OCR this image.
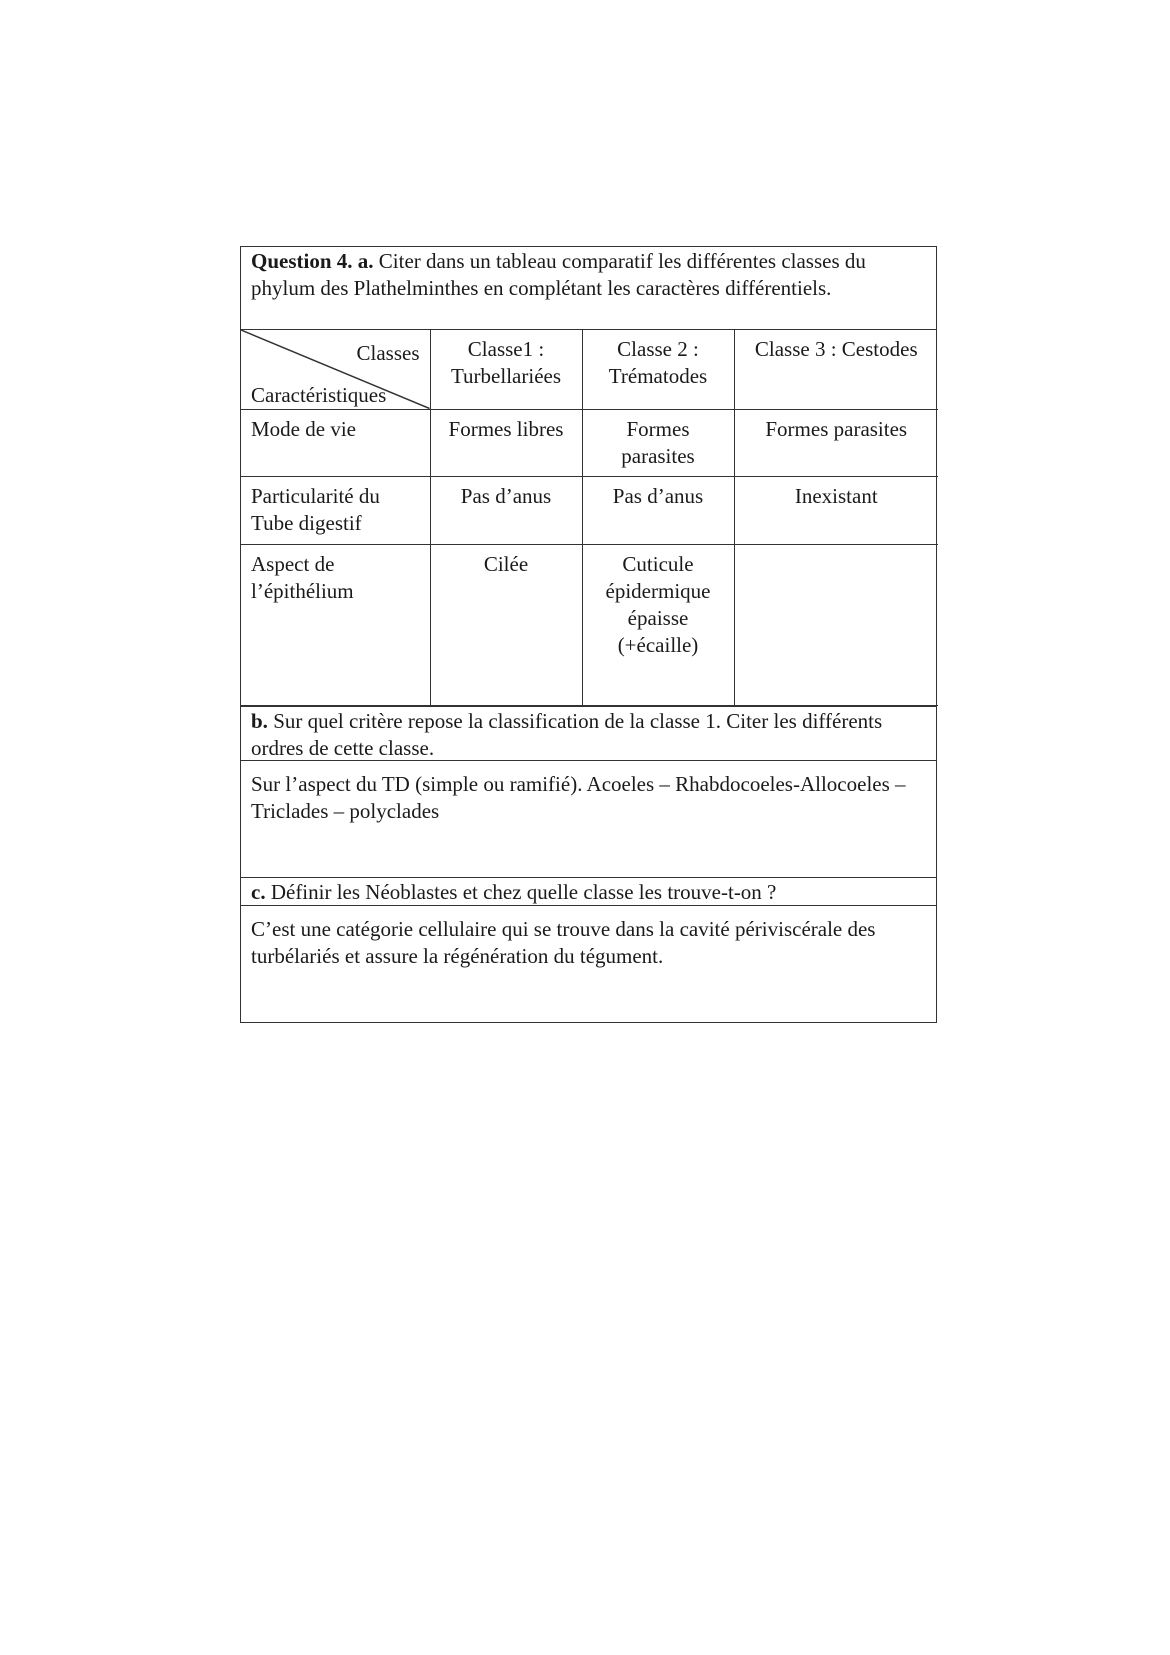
Question 4. a. Citer dans un tableau comparatif les différentes classes du phylum des Plathelminthes en complétant les caractères différentiels.
Classes
Caractéristiques	Classe1 : Turbellariées	Classe 2 : Trématodes	Classe 3 : Cestodes
Mode de vie	Formes libres	Formes parasites	Formes parasites
Particularité du Tube digestif	Pas d’anus	Pas d’anus	Inexistant
Aspect de l’épithélium	Cilée	Cuticule épidermique épaisse (+écaille)	
b. Sur quel critère repose la classification de la classe 1. Citer les différents ordres de cette classe.
Sur l’aspect du TD (simple ou ramifié). Acoeles – Rhabdocoeles-Allocoeles – Triclades – polyclades
c. Définir les Néoblastes et chez quelle classe les trouve-t-on ?
C’est une catégorie cellulaire qui se trouve dans la cavité périviscérale des turbélariés et assure la régénération du tégument.
